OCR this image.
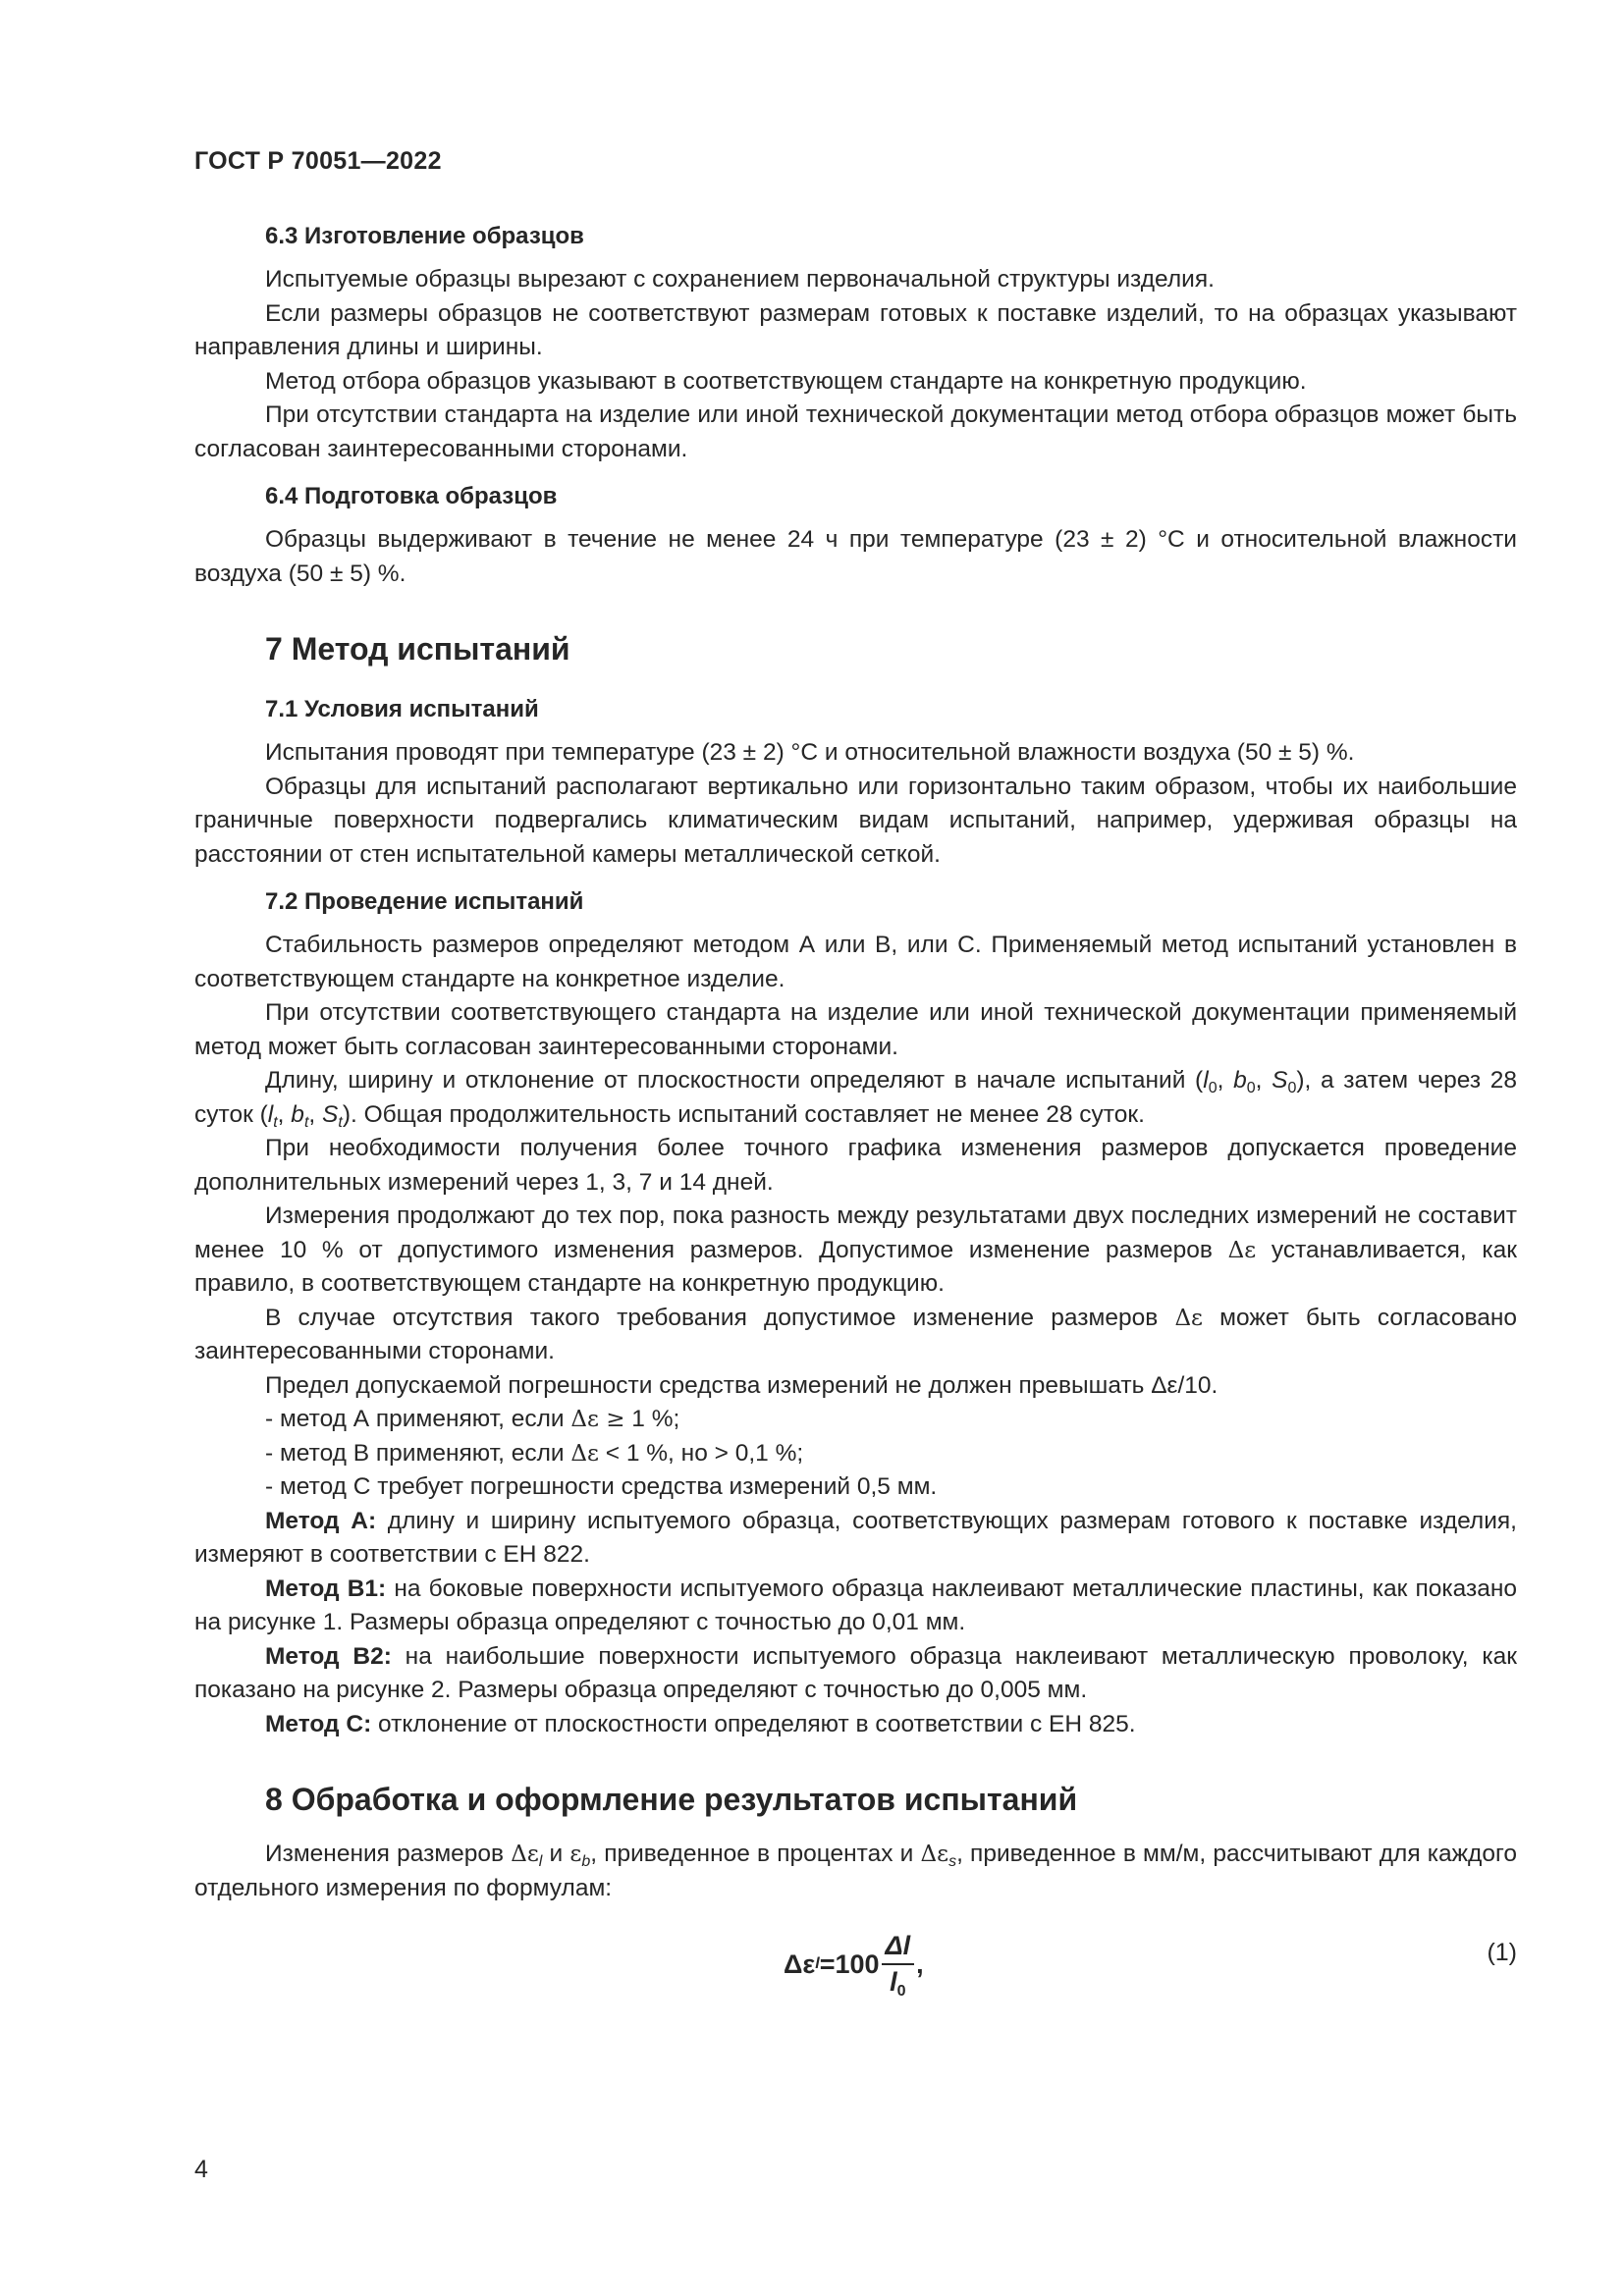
ГОСТ Р 70051—2022
6.3 Изготовление образцов

Испытуемые образцы вырезают с сохранением первоначальной структуры изделия.

Если размеры образцов не соответствуют размерам готовых к поставке изделий, то на образцах указывают направления длины и ширины.

Метод отбора образцов указывают в соответствующем стандарте на конкретную продукцию.

При отсутствии стандарта на изделие или иной технической документации метод отбора образцов может быть согласован заинтересованными сторонами.

6.4 Подготовка образцов

Образцы выдерживают в течение не менее 24 ч при температуре (23 ± 2) °С и относительной влажности воздуха (50 ± 5) %.

7 Метод испытаний
7.1 Условия испытаний

Испытания проводят при температуре (23 ± 2) °С и относительной влажности воздуха (50 ± 5) %.

Образцы для испытаний располагают вертикально или горизонтально таким образом, чтобы их наибольшие граничные поверхности подвергались климатическим видам испытаний, например, удерживая образцы на расстоянии от стен испытательной камеры металлической сеткой.

7.2 Проведение испытаний

Стабильность размеров определяют методом А или В, или С. Применяемый метод испытаний установлен в соответствующем стандарте на конкретное изделие.

При отсутствии соответствующего стандарта на изделие или иной технической документации применяемый метод может быть согласован заинтересованными сторонами.

Длину, ширину и отклонение от плоскостности определяют в начале испытаний ($l_0$, $b_0$, $S_0$), а затем через 28 суток ($l_t$, $b_t$, $S_t$). Общая продолжительность испытаний составляет не менее 28 суток.

При необходимости получения более точного графика изменения размеров допускается проведение дополнительных измерений через 1, 3, 7 и 14 дней.

Измерения продолжают до тех пор, пока разность между результатами двух последних измерений не составит менее 10 % от допустимого изменения размеров. Допустимое изменение размеров Δε устанавливается, как правило, в соответствующем стандарте на конкретную продукцию.

В случае отсутствия такого требования допустимое изменение размеров Δε может быть согласовано заинтересованными сторонами.

Предел допускаемой погрешности средства измерений не должен превышать Δε/10.

- метод А применяют, если Δε ≥ 1 %;

- метод В применяют, если Δε < 1 %, но > 0,1 %;

- метод С требует погрешности средства измерений 0,5 мм.

Метод А: длину и ширину испытуемого образца, соответствующих размерам готового к поставке изделия, измеряют в соответствии с ЕН 822.

Метод В1: на боковые поверхности испытуемого образца наклеивают металлические пластины, как показано на рисунке 1. Размеры образца определяют с точностью до 0,01 мм.

Метод В2: на наибольшие поверхности испытуемого образца наклеивают металлическую проволоку, как показано на рисунке 2. Размеры образца определяют с точностью до 0,005 мм.

Метод С: отклонение от плоскостности определяют в соответствии с ЕН 825.

8 Обработка и оформление результатов испытаний

Изменения размеров $\Delta\varepsilon_l$ и $\varepsilon_b$, приведенное в процентах и $\Delta\varepsilon_s$, приведенное в мм/м, рассчитывают для каждого отдельного измерения по формулам:

Δε $l =100 \frac{\Delta l}{l_0}$ ,	(1)
4
